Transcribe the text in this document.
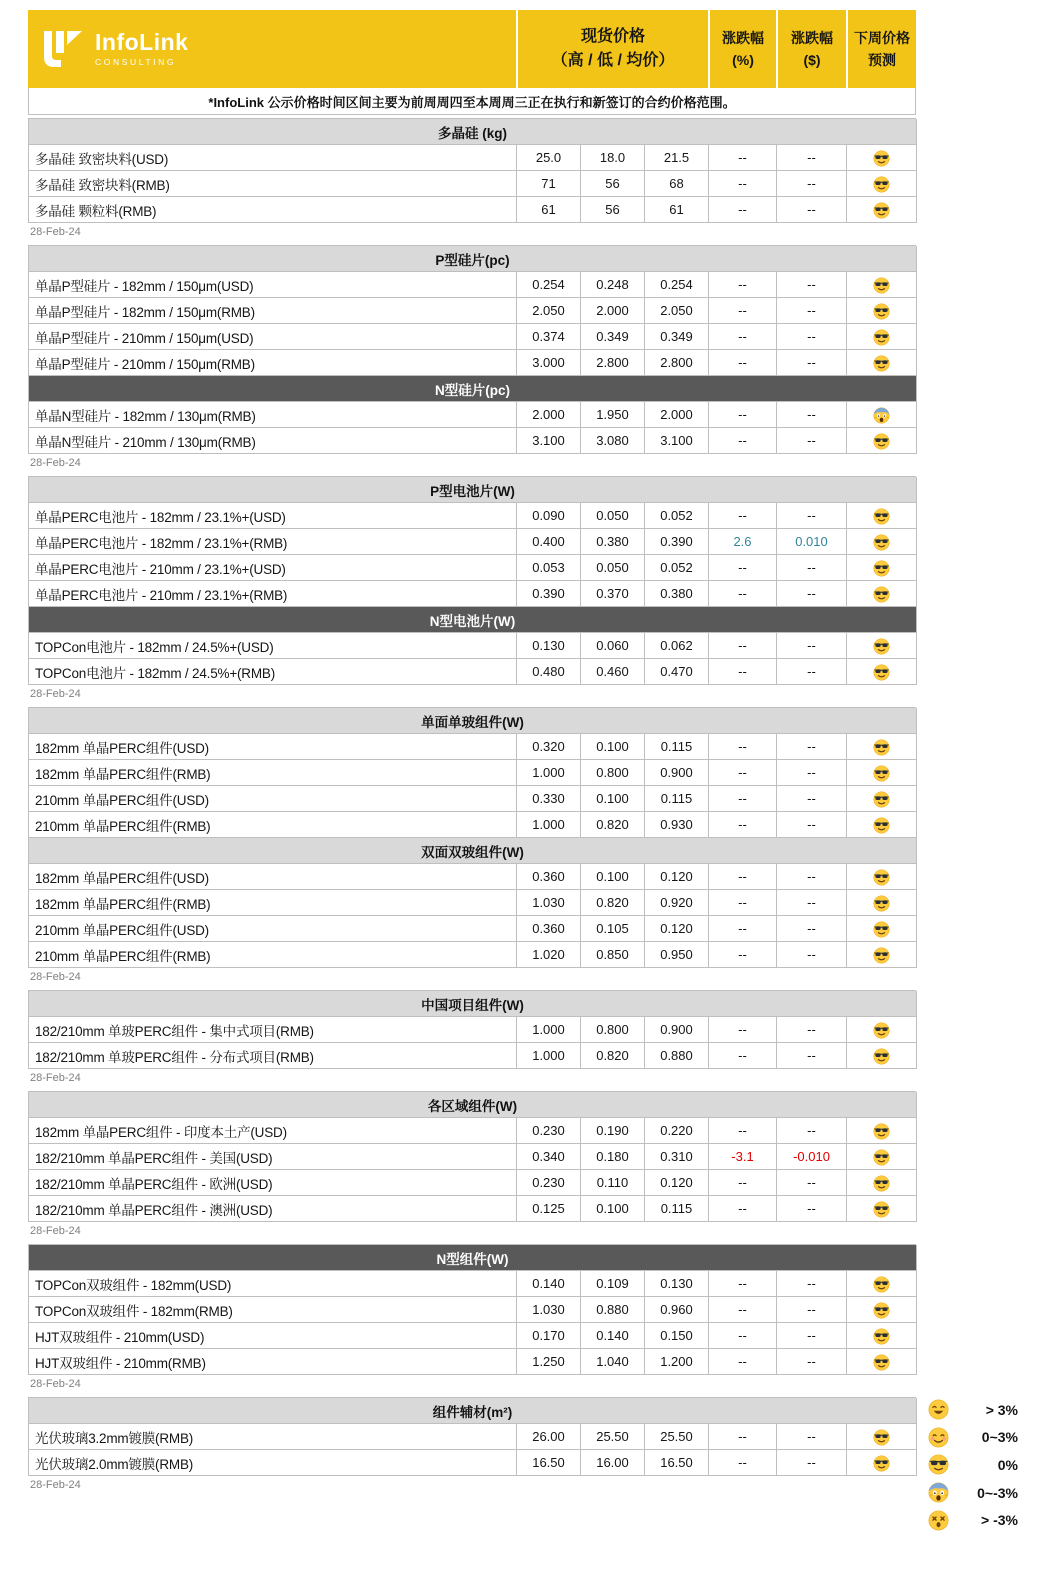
InfoLink
CONSULTING
现货价格
（高 / 低 / 均价）
涨跌幅
(%)
涨跌幅
($)
下周价格
预测
*InfoLink 公示价格时间区间主要为前周周四至本周周三正在执行和新签订的合约价格范围。
多晶硅 (kg)
多晶硅 致密块料(USD)	25.0	18.0	21.5	--	--
多晶硅 致密块料(RMB)	71	56	68	--	--
多晶硅 颗粒料(RMB)	61	56	61	--	--
28-Feb-24
P型硅片(pc)
单晶P型硅片 - 182mm / 150μm(USD)	0.254	0.248	0.254	--	--
单晶P型硅片 - 182mm / 150μm(RMB)	2.050	2.000	2.050	--	--
单晶P型硅片 - 210mm / 150μm(USD)	0.374	0.349	0.349	--	--
单晶P型硅片 - 210mm / 150μm(RMB)	3.000	2.800	2.800	--	--
N型硅片(pc)
单晶N型硅片 - 182mm / 130μm(RMB)	2.000	1.950	2.000	--	--
单晶N型硅片 - 210mm / 130μm(RMB)	3.100	3.080	3.100	--	--
28-Feb-24
P型电池片(W)
单晶PERC电池片 - 182mm / 23.1%+(USD)	0.090	0.050	0.052	--	--
单晶PERC电池片 - 182mm / 23.1%+(RMB)	0.400	0.380	0.390	2.6	0.010
单晶PERC电池片 - 210mm / 23.1%+(USD)	0.053	0.050	0.052	--	--
单晶PERC电池片 - 210mm / 23.1%+(RMB)	0.390	0.370	0.380	--	--
N型电池片(W)
TOPCon电池片 - 182mm / 24.5%+(USD)	0.130	0.060	0.062	--	--
TOPCon电池片 - 182mm / 24.5%+(RMB)	0.480	0.460	0.470	--	--
28-Feb-24
单面单玻组件(W)
182mm 单晶PERC组件(USD)	0.320	0.100	0.115	--	--
182mm 单晶PERC组件(RMB)	1.000	0.800	0.900	--	--
210mm 单晶PERC组件(USD)	0.330	0.100	0.115	--	--
210mm 单晶PERC组件(RMB)	1.000	0.820	0.930	--	--
双面双玻组件(W)
182mm 单晶PERC组件(USD)	0.360	0.100	0.120	--	--
182mm 单晶PERC组件(RMB)	1.030	0.820	0.920	--	--
210mm 单晶PERC组件(USD)	0.360	0.105	0.120	--	--
210mm 单晶PERC组件(RMB)	1.020	0.850	0.950	--	--
28-Feb-24
中国项目组件(W)
182/210mm 单玻PERC组件 - 集中式项目(RMB)	1.000	0.800	0.900	--	--
182/210mm 单玻PERC组件 - 分布式项目(RMB)	1.000	0.820	0.880	--	--
28-Feb-24
各区域组件(W)
182mm 单晶PERC组件 - 印度本土产(USD)	0.230	0.190	0.220	--	--
182/210mm 单晶PERC组件 - 美国(USD)	0.340	0.180	0.310	-3.1	-0.010
182/210mm 单晶PERC组件 - 欧洲(USD)	0.230	0.110	0.120	--	--
182/210mm 单晶PERC组件 - 澳洲(USD)	0.125	0.100	0.115	--	--
28-Feb-24
N型组件(W)
TOPCon双玻组件 - 182mm(USD)	0.140	0.109	0.130	--	--
TOPCon双玻组件 - 182mm(RMB)	1.030	0.880	0.960	--	--
HJT双玻组件 - 210mm(USD)	0.170	0.140	0.150	--	--
HJT双玻组件 - 210mm(RMB)	1.250	1.040	1.200	--	--
28-Feb-24
组件辅材(m²)
光伏玻璃3.2mm镀膜(RMB)	26.00	25.50	25.50	--	--
光伏玻璃2.0mm镀膜(RMB)	16.50	16.00	16.50	--	--
28-Feb-24
> 3%
0~3%
0%
0~-3%
> -3%
